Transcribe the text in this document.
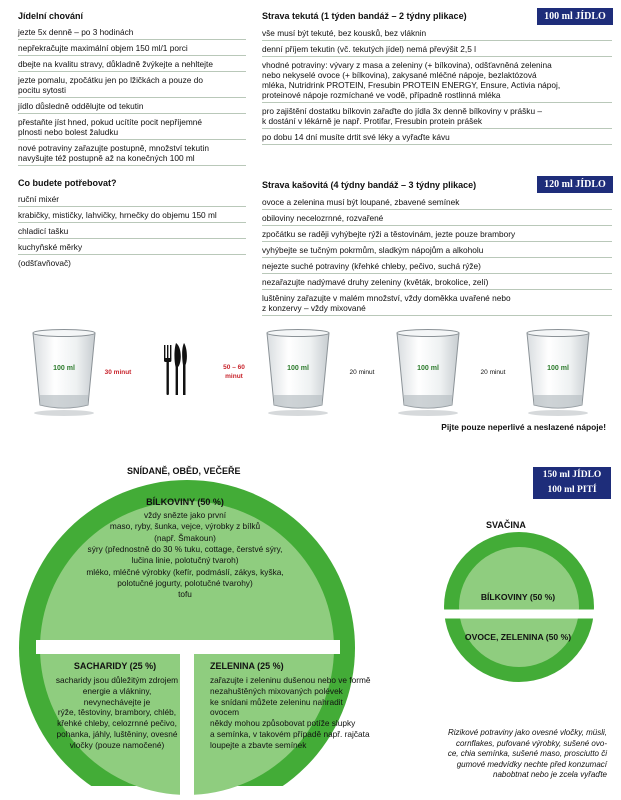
Jídelní chování
jezte 5x denně – po 3 hodinách
nepřekračujte maximální objem 150 ml/1 porci
dbejte na kvalitu stravy, důkladně žvýkejte a nehltejte
jezte pomalu, zpočátku jen po lžičkách a pouze do
pocitu sytosti
jídlo důsledně oddělujte od tekutin
přestaňte jíst hned, pokud ucítíte pocit nepříjemné
plnosti nebo bolest žaludku
nové potraviny zařazujte postupně, množství tekutin
navyšujte též postupně až na konečných 100 ml
Co budete potřebovat?
ruční mixér
krabičky, mističky, lahvičky, hrnečky do objemu 150 ml
chladicí tašku
kuchyňské měrky
(odšťavňovač)
Strava tekutá (1 týden bandáž – 2 týdny plikace)	100 ml JÍDLO
vše musí být tekuté, bez kousků, bez vláknin
denní příjem tekutin (vč. tekutých jídel) nemá převýšit 2,5 l
vhodné potraviny: vývary z masa a zeleniny (+ bílkovina), odšťavněná zelenina
nebo nekyselé ovoce (+ bílkovina), zakysané mléčné nápoje, bezlaktózová
mléka, Nutridrink PROTEIN, Fresubin PROTEIN ENERGY, Ensure, Activia nápoj,
proteinové nápoje rozmíchané ve vodě, případně rostlinná mléka
pro zajištění dostatku bílkovin zařaďte do jídla 3x denně bílkoviny v prášku –
k dostání v lékárně je např. Protifar, Fresubin protein prášek
po dobu 14 dní musíte drtit své léky a vyřaďte kávu
Strava kašovitá (4 týdny bandáž – 3 týdny plikace)	120 ml JÍDLO
ovoce a zelenina musí být loupané, zbavené semínek
obiloviny necelozrnné, rozvařené
zpočátku se raději vyhýbejte rýži a těstovinám, jezte pouze brambory
vyhýbejte se tučným pokrmům, sladkým nápojům a alkoholu
nejezte suché potraviny (křehké chleby, pečivo, suchá rýže)
nezařazujte nadýmavé druhy zeleniny (květák, brokolice, zelí)
luštěniny zařazujte v malém množství, vždy doměkka uvařené nebo
z konzervy – vždy mixované
100 ml	100 ml	100 ml	100 ml
30 minut
50 – 60
minut
20 minut	20 minut
Pijte pouze neperlivé a neslazené nápoje!
SNÍDANĚ, OBĚD, VEČEŘE	150 ml JÍDLO
100 ml PITÍ
BÍLKOVINY (50 %)
vždy snězte jako první
maso, ryby, šunka, vejce, výrobky z bílků
(např. Šmakoun)
sýry (přednostně do 30 % tuku, cottage, čerstvé sýry,
lučina linie, polotučný tvaroh)
mléko, mléčné výrobky (kefír, podmáslí, zákys, kyška,
polotučné jogurty, polotučné tvarohy)
tofu
SACHARIDY (25 %)
sacharidy jsou důležitým zdrojem
energie a vlákniny,
nevynechávejte je
rýže, těstoviny, brambory, chléb,
křehké chleby, celozrnné pečivo,
pohanka, jáhly, luštěniny, ovesné
vločky (pouze namočené)
ZELENINA (25 %)
zařazujte i zeleninu dušenou nebo ve formě
nezahuštěných mixovaných polévek
ke snídani můžete zeleninu nahradit
ovocem
někdy mohou způsobovat potíže slupky
a semínka, v takovém případě např. rajčata
loupejte a zbavte semínek
SVAČINA
BÍLKOVINY (50 %)
OVOCE, ZELENINA (50 %)
Rizikové potraviny jako ovesné vločky, müsli,
cornflakes, pufované výrobky, sušené ovo-
ce, chia semínka, sušené maso, prosciutto či
gumové medvídky nechte před konzumací
nabobtnat nebo je zcela vyřaďte
